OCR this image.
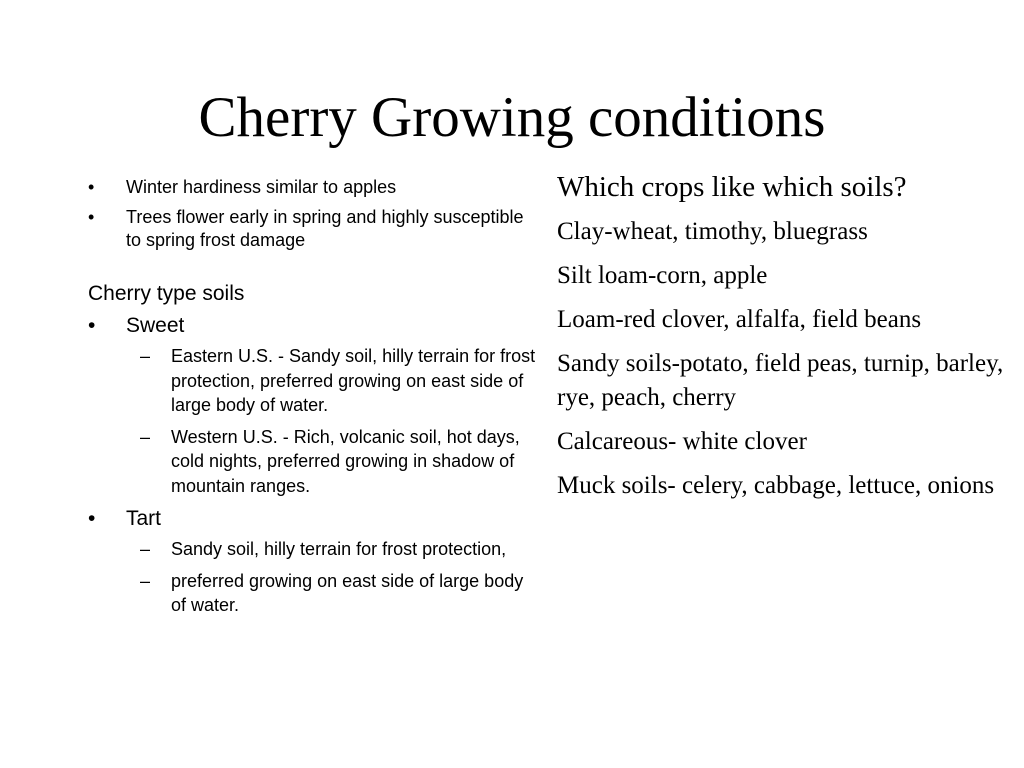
Cherry Growing conditions
• Winter hardiness similar to apples
• Trees flower early in spring and highly susceptible to spring frost damage
Cherry type soils
• Sweet
– Eastern U.S. - Sandy soil, hilly terrain for frost protection, preferred growing on east side of large body of water.
– Western U.S. - Rich, volcanic soil, hot days, cold nights, preferred growing in shadow of mountain ranges.
• Tart
– Sandy soil, hilly terrain for frost protection,
– preferred growing on east side of large body of water.
Which crops like which soils?
Clay-wheat, timothy, bluegrass
Silt loam-corn, apple
Loam-red clover, alfalfa, field beans
Sandy soils-potato, field peas, turnip, barley, rye, peach, cherry
Calcareous- white clover
Muck soils- celery, cabbage, lettuce, onions
